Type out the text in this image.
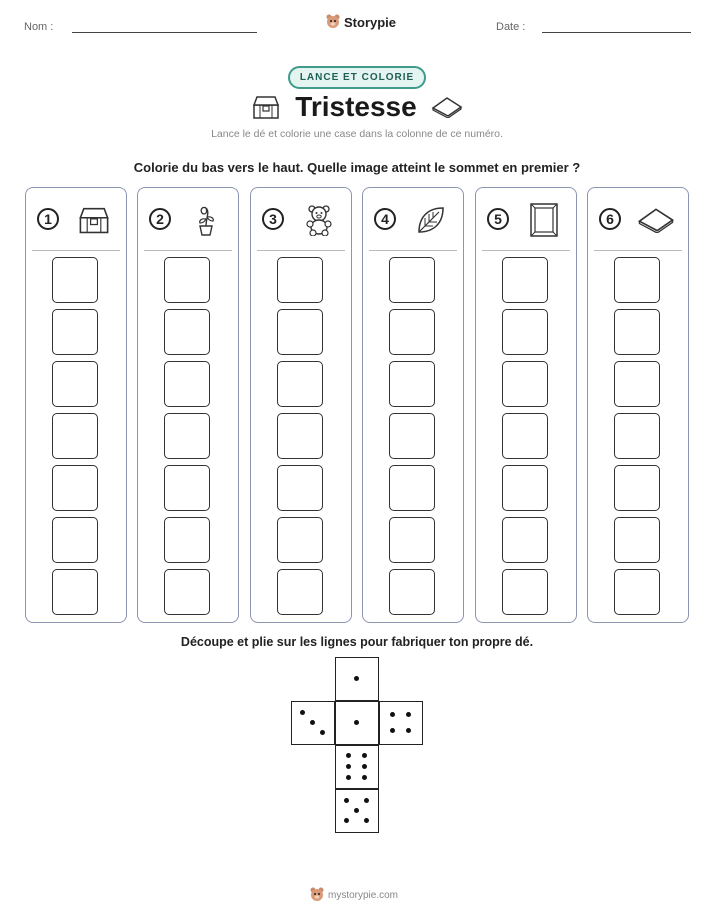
Nom :	Storypie	Date :
LANCE ET COLORIE
Tristesse
Lance le dé et colorie une case dans la colonne de ce numéro.
Colorie du bas vers le haut. Quelle image atteint le sommet en premier ?
1	2	3	4	5	6
Découpe et plie sur les lignes pour fabriquer ton propre dé.
mystorypie.com
